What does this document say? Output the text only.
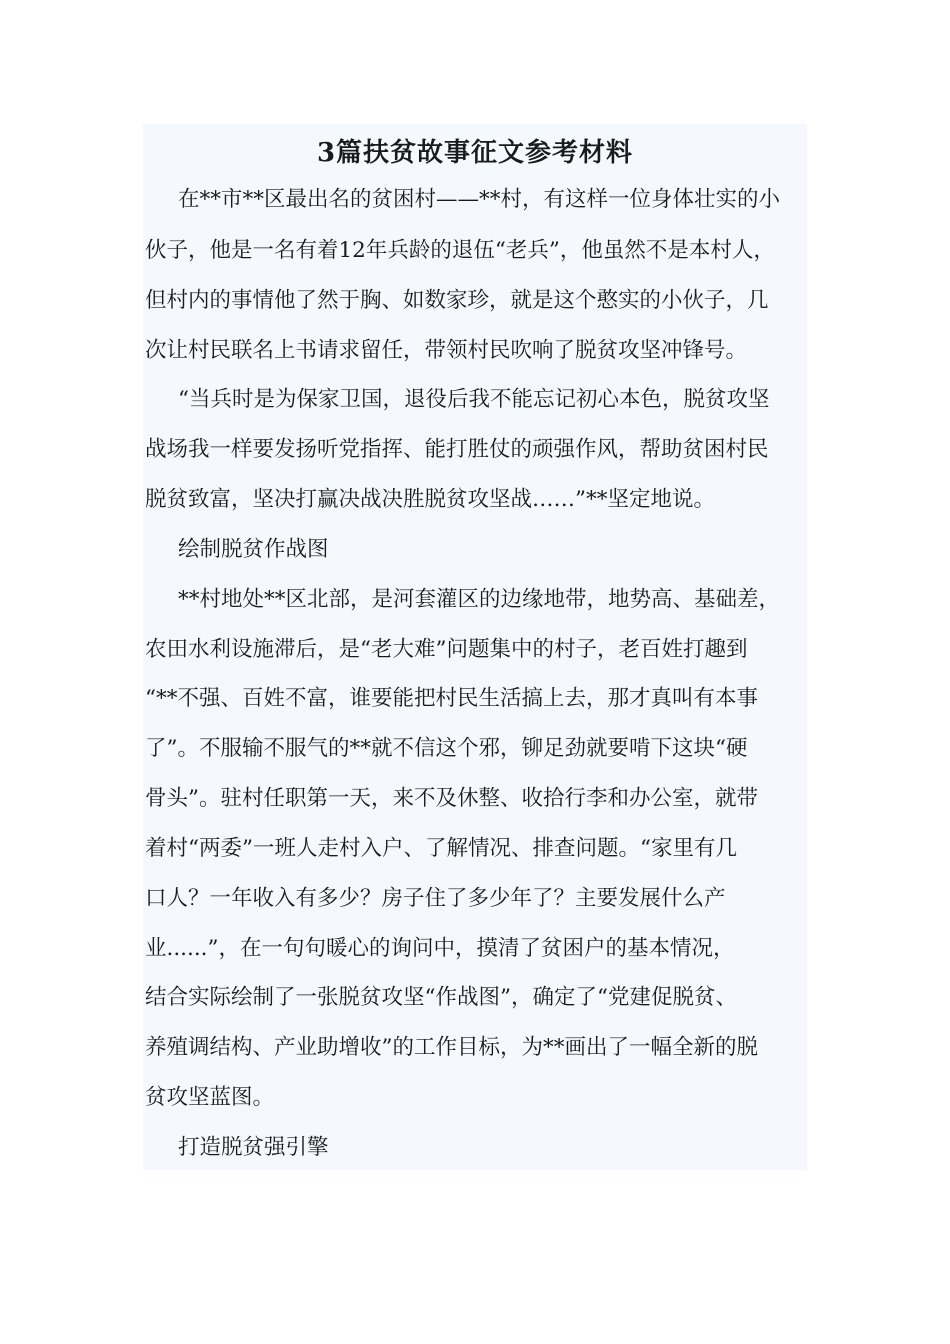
3篇扶贫故事征文参考材料

在**市**区最出名的贫困村——**村，有这样一位身体壮实的小

伙子，他是一名有着12年兵龄的退伍“老兵”，他虽然不是本村人，

但村内的事情他了然于胸、如数家珍，就是这个憨实的小伙子，几

次让村民联名上书请求留任，带领村民吹响了脱贫攻坚冲锋号。

“当兵时是为保家卫国，退役后我不能忘记初心本色，脱贫攻坚

战场我一样要发扬听党指挥、能打胜仗的顽强作风，帮助贫困村民

脱贫致富，坚决打赢决战决胜脱贫攻坚战……”**坚定地说。

绘制脱贫作战图

**村地处**区北部，是河套灌区的边缘地带，地势高、基础差，

农田水利设施滞后，是“老大难”问题集中的村子，老百姓打趣到

“**不强、百姓不富，谁要能把村民生活搞上去，那才真叫有本事

了”。不服输不服气的**就不信这个邪，铆足劲就要啃下这块“硬

骨头”。驻村任职第一天，来不及休整、收拾行李和办公室，就带

着村“两委”一班人走村入户、了解情况、排查问题。“家里有几

口人？一年收入有多少？房子住了多少年了？主要发展什么产

业......”，在一句句暖心的询问中，摸清了贫困户的基本情况，

结合实际绘制了一张脱贫攻坚“作战图”，确定了“党建促脱贫、

养殖调结构、产业助增收”的工作目标，为**画出了一幅全新的脱

贫攻坚蓝图。

打造脱贫强引擎
